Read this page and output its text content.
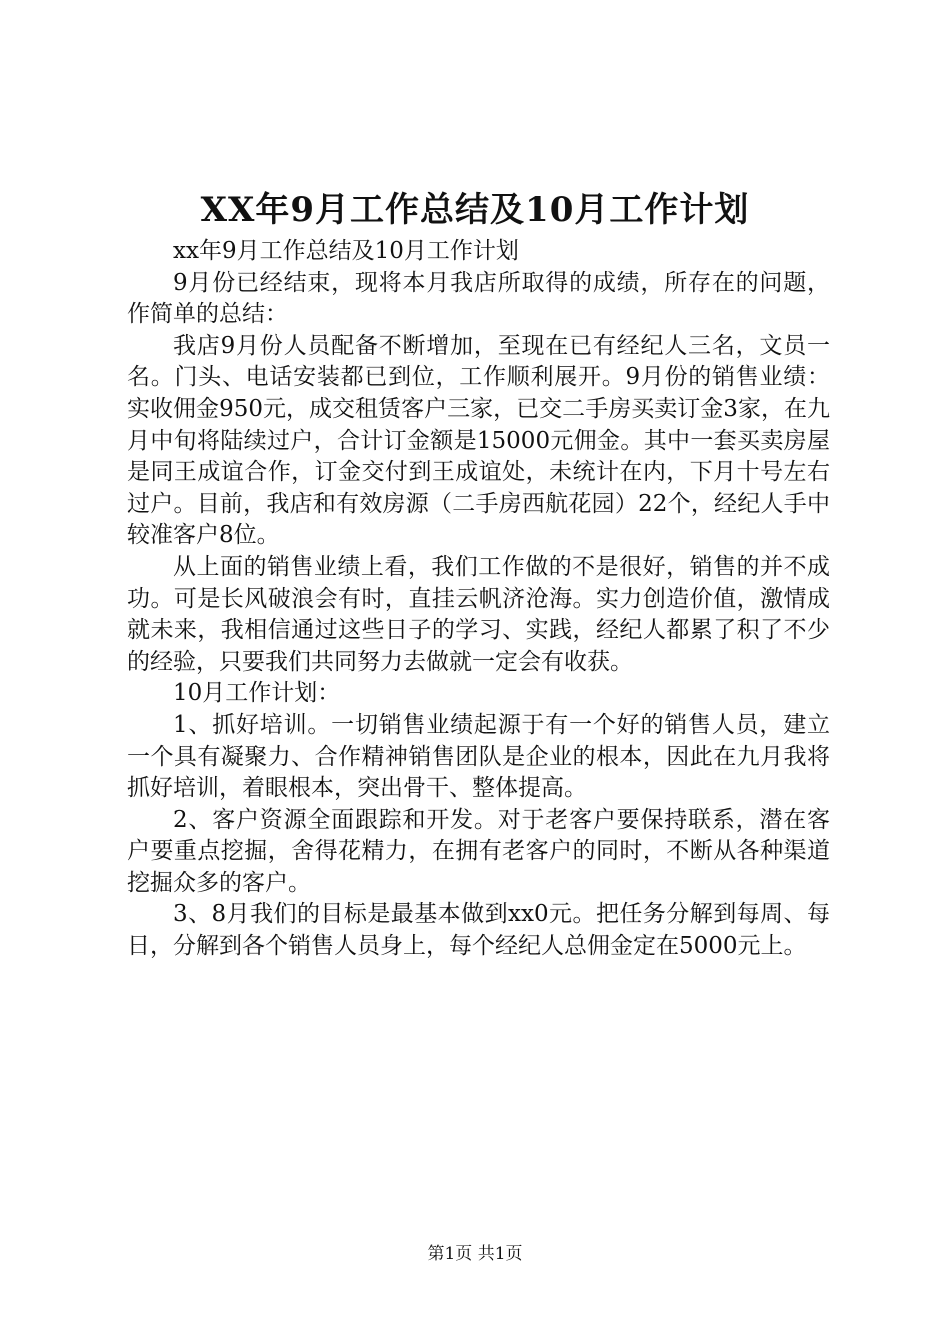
XX年9月工作总结及10月工作计划

xx年9月工作总结及10月工作计划

9月份已经结束，现将本月我店所取得的成绩，所存在的问题，作简单的总结：

我店9月份人员配备不断增加，至现在已有经纪人三名，文员一名。门头、电话安装都已到位，工作顺利展开。9月份的销售业绩：实收佣金950元，成交租赁客户三家，已交二手房买卖订金3家，在九月中旬将陆续过户，合计订金额是15000元佣金。其中一套买卖房屋是同王成谊合作，订金交付到王成谊处，未统计在内，下月十号左右过户。目前，我店和有效房源（二手房西航花园）22个，经纪人手中较准客户8位。

从上面的销售业绩上看，我们工作做的不是很好，销售的并不成功。可是长风破浪会有时，直挂云帆济沧海。实力创造价值，激情成就未来，我相信通过这些日子的学习、实践，经纪人都累了积了不少的经验，只要我们共同努力去做就一定会有收获。

10月工作计划：

1、抓好培训。一切销售业绩起源于有一个好的销售人员，建立一个具有凝聚力、合作精神销售团队是企业的根本，因此在九月我将抓好培训，着眼根本，突出骨干、整体提高。

2、客户资源全面跟踪和开发。对于老客户要保持联系，潜在客户要重点挖掘，舍得花精力，在拥有老客户的同时，不断从各种渠道挖掘众多的客户。

3、8月我们的目标是最基本做到xx0元。把任务分解到每周、每日，分解到各个销售人员身上，每个经纪人总佣金定在5000元上。

第1页 共1页
